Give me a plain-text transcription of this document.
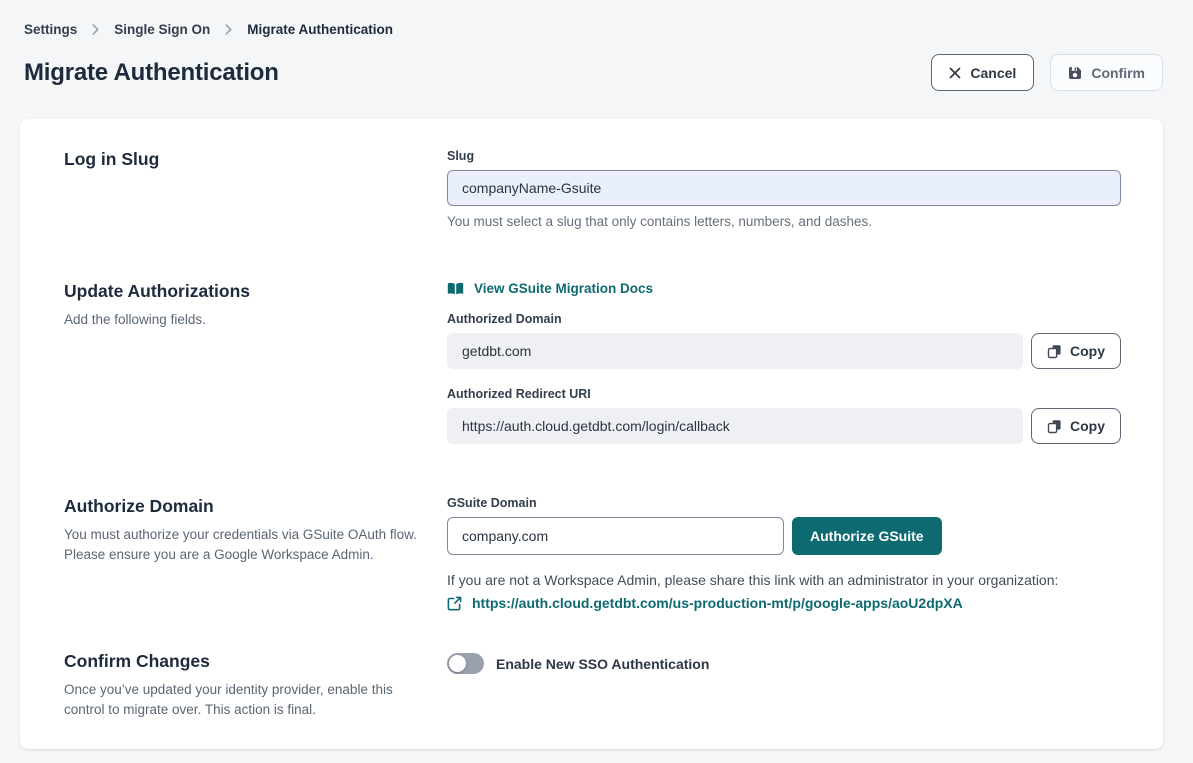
Settings	Single Sign On	Migrate Authentication
Migrate Authentication	Cancel	Confirm
Log in Slug	Slug
companyName-Gsuite
You must select a slug that only contains letters, numbers, and dashes.
Update Authorizations

Add the following fields.

View GSuite Migration Docs
Authorized Domain
getdbt.com
Copy
Authorized Redirect URI
https://auth.cloud.getdbt.com/login/callback
Copy
Authorize Domain

You must authorize your credentials via GSuite OAuth flow. Please ensure you are a Google Workspace Admin.

GSuite Domain
company.com
Authorize GSuite
If you are not a Workspace Admin, please share this link with an administrator in your organization:
https://auth.cloud.getdbt.com/us-production-mt/p/google-apps/aoU2dpXA
Confirm Changes

Once you’ve updated your identity provider, enable this control to migrate over. This action is final.

Enable New SSO Authentication
